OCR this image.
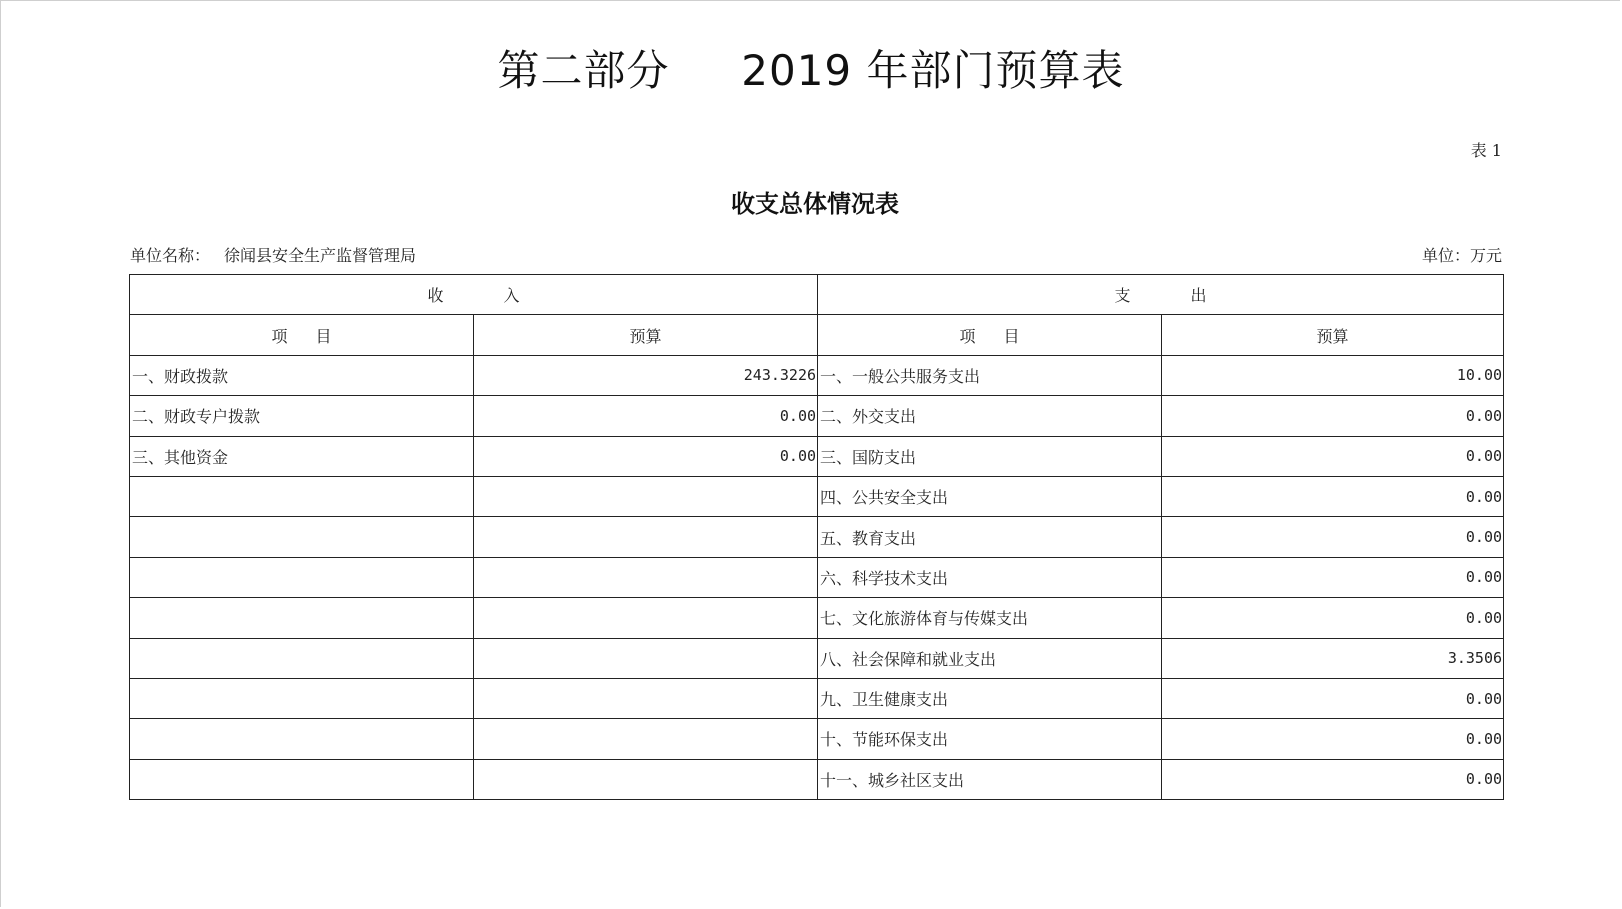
第二部分     2019 年部门预算表
表 1
收支总体情况表
单位名称： 徐闻县安全生产监督管理局	单位：万元
收入		支出	
项目	预算	项目	预算
一、财政拨款	243.3226	一、一般公共服务支出	10.00
二、财政专户拨款	0.00	二、外交支出	0.00
三、其他资金	0.00	三、国防支出	0.00
		四、公共安全支出	0.00
		五、教育支出	0.00
		六、科学技术支出	0.00
		七、文化旅游体育与传媒支出	0.00
		八、社会保障和就业支出	3.3506
		九、卫生健康支出	0.00
		十、节能环保支出	0.00
		十一、城乡社区支出	0.00
